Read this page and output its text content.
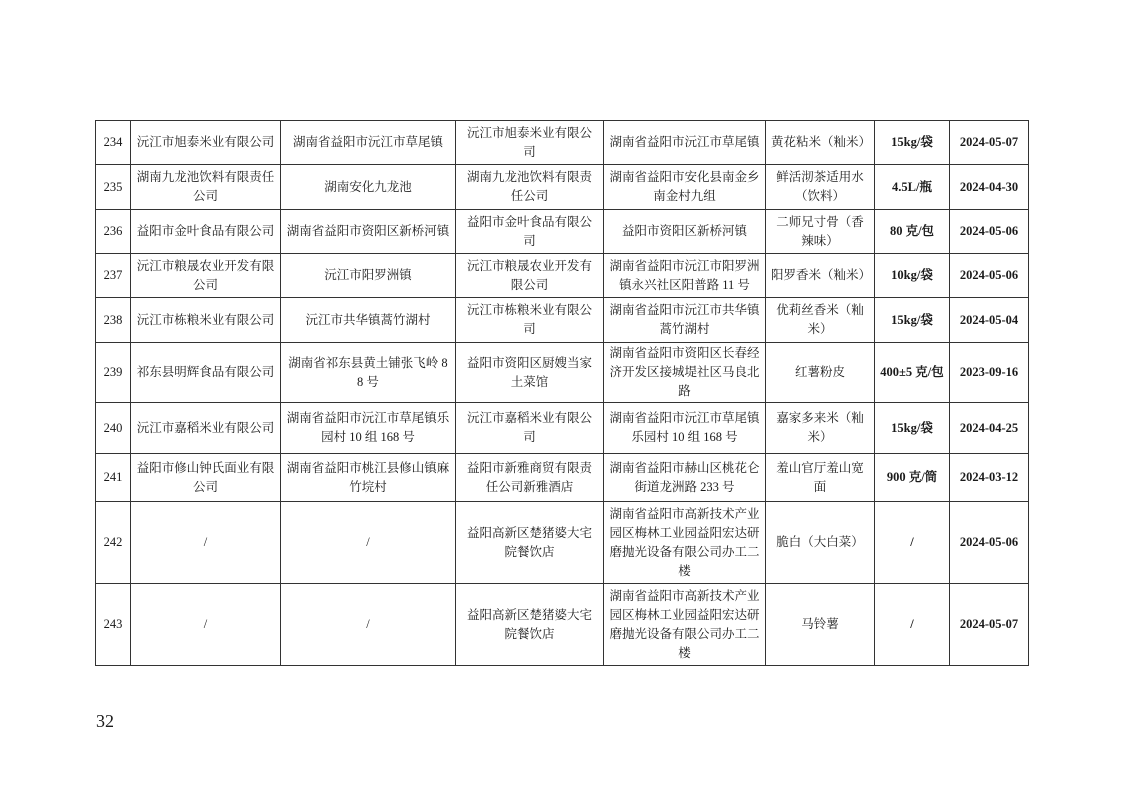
234	沅江市旭泰米业有限公司	湖南省益阳市沅江市草尾镇	沅江市旭泰米业有限公司	湖南省益阳市沅江市草尾镇	黄花粘米（籼米）	15kg/袋	2024-05-07
235	湖南九龙池饮料有限责任公司	湖南安化九龙池	湖南九龙池饮料有限责任公司	湖南省益阳市安化县南金乡南金村九组	鲜活沏茶适用水（饮料）	4.5L/瓶	2024-04-30
236	益阳市金叶食品有限公司	湖南省益阳市资阳区新桥河镇	益阳市金叶食品有限公司	益阳市资阳区新桥河镇	二师兄寸骨（香辣味）	80 克/包	2024-05-06
237	沅江市粮晟农业开发有限公司	沅江市阳罗洲镇	沅江市粮晟农业开发有限公司	湖南省益阳市沅江市阳罗洲镇永兴社区阳普路 11 号	阳罗香米（籼米）	10kg/袋	2024-05-06
238	沅江市栋粮米业有限公司	沅江市共华镇蒿竹湖村	沅江市栋粮米业有限公司	湖南省益阳市沅江市共华镇蒿竹湖村	优莉丝香米（籼米）	15kg/袋	2024-05-04
239	祁东县明辉食品有限公司	湖南省祁东县黄土铺张飞岭 88 号	益阳市资阳区厨嫂当家土菜馆	湖南省益阳市资阳区长春经济开发区接城堤社区马良北路	红薯粉皮	400±5 克/包	2023-09-16
240	沅江市嘉稻米业有限公司	湖南省益阳市沅江市草尾镇乐园村 10 组 168 号	沅江市嘉稻米业有限公司	湖南省益阳市沅江市草尾镇乐园村 10 组 168 号	嘉家多来米（籼米）	15kg/袋	2024-04-25
241	益阳市修山钟氏面业有限公司	湖南省益阳市桃江县修山镇麻竹垸村	益阳市新雅商贸有限责任公司新雅酒店	湖南省益阳市赫山区桃花仑街道龙洲路 233 号	羞山官厅羞山宽面	900 克/筒	2024-03-12
242	/	/	益阳高新区楚猪婆大宅院餐饮店	湖南省益阳市高新技术产业园区梅林工业园益阳宏达研磨抛光设备有限公司办工二楼	脆白（大白菜）	/	2024-05-06
243	/	/	益阳高新区楚猪婆大宅院餐饮店	湖南省益阳市高新技术产业园区梅林工业园益阳宏达研磨抛光设备有限公司办工二楼	马铃薯	/	2024-05-07
32
